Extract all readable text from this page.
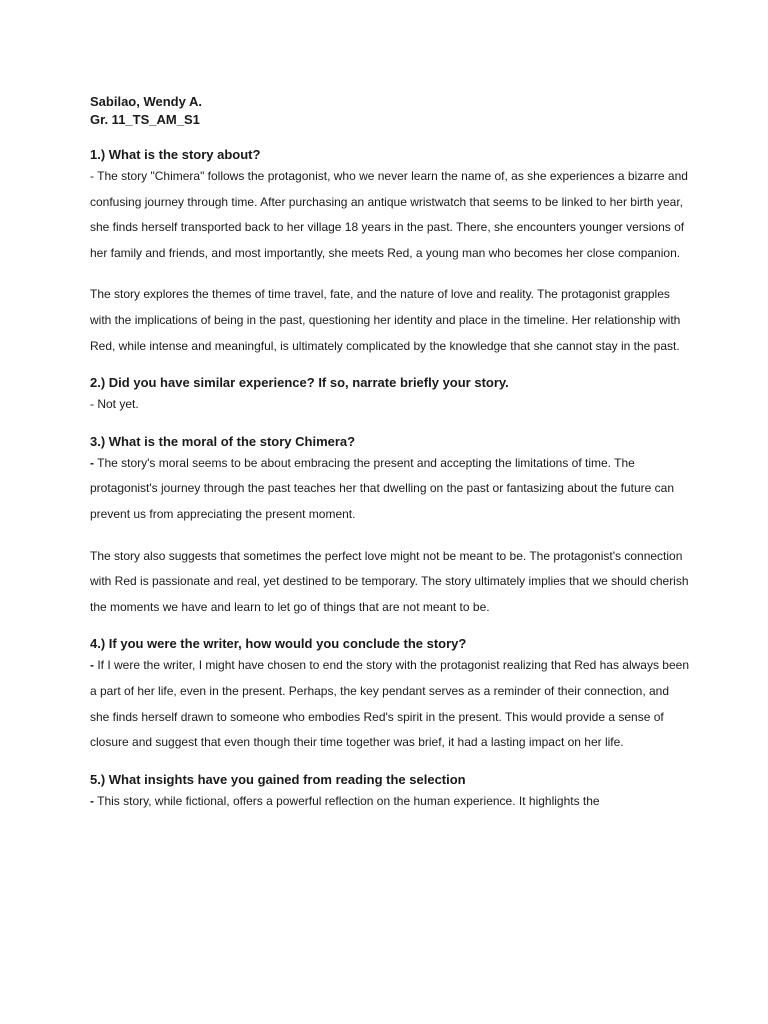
Sabilao, Wendy A.

Gr. 11_TS_AM_S1

1.) What is the story about?

- The story "Chimera" follows the protagonist, who we never learn the name of, as she experiences a bizarre and confusing journey through time. After purchasing an antique wristwatch that seems to be linked to her birth year, she finds herself transported back to her village 18 years in the past. There, she encounters younger versions of her family and friends, and most importantly, she meets Red, a young man who becomes her close companion.

The story explores the themes of time travel, fate, and the nature of love and reality. The protagonist grapples with the implications of being in the past, questioning her identity and place in the timeline. Her relationship with Red, while intense and meaningful, is ultimately complicated by the knowledge that she cannot stay in the past.

2.) Did you have similar experience? If so, narrate briefly your story.

- Not yet.

3.) What is the moral of the story Chimera?

- The story's moral seems to be about embracing the present and accepting the limitations of time. The protagonist's journey through the past teaches her that dwelling on the past or fantasizing about the future can prevent us from appreciating the present moment.

The story also suggests that sometimes the perfect love might not be meant to be. The protagonist's connection with Red is passionate and real, yet destined to be temporary. The story ultimately implies that we should cherish the moments we have and learn to let go of things that are not meant to be.

4.) If you were the writer, how would you conclude the story?

- If I were the writer, I might have chosen to end the story with the protagonist realizing that Red has always been a part of her life, even in the present. Perhaps, the key pendant serves as a reminder of their connection, and she finds herself drawn to someone who embodies Red's spirit in the present. This would provide a sense of closure and suggest that even though their time together was brief, it had a lasting impact on her life.

5.) What insights have you gained from reading the selection

- This story, while fictional, offers a powerful reflection on the human experience. It highlights the
